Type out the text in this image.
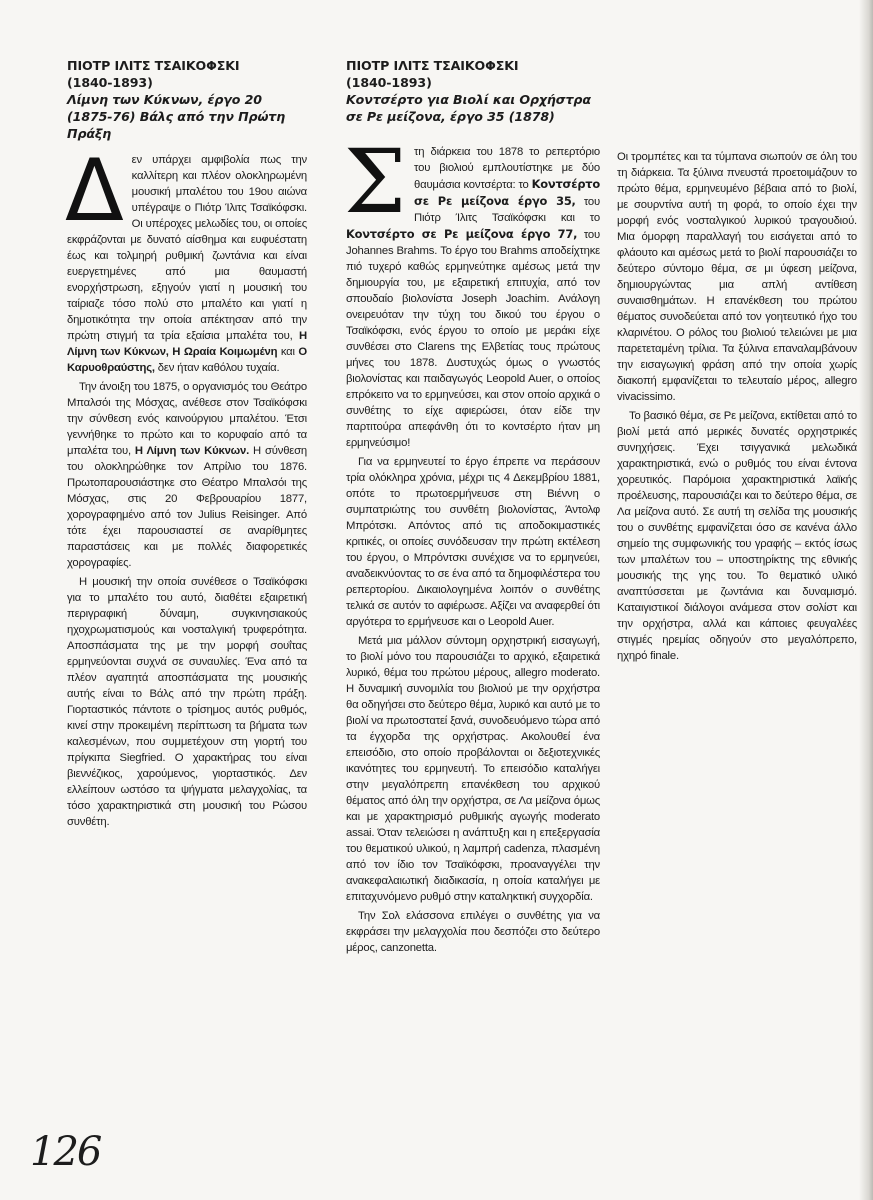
ΠΙΟΤΡ ΙΛΙΤΣ ΤΣΑΙΚΟΦΣΚΙ
(1840-1893)
Λίμνη των Κύκνων, έργο 20 (1875-76) Βάλς από την Πρώτη Πράξη

Δεν υπάρχει αμφιβολία πως την καλλίτερη και πλέον ολοκληρωμένη μουσική μπαλέτου του 19ου αιώνα υπέγραψε ο Πιότρ Ίλιτς Τσαϊκόφσκι. Οι υπέροχες μελωδίες του, οι οποίες εκφράζονται με δυνατό αίσθημα και ευφυέστατη έως και τολμηρή ρυθμική ζωντάνια και είναι ευεργετημένες από μια θαυμαστή ενορχήστρωση, εξηγούν γιατί η μουσική του ταίριαζε τόσο πολύ στο μπαλέτο και γιατί η δημοτικότητα την οποία απέκτησαν από την πρώτη στιγμή τα τρία εξαίσια μπαλέτα του, Η Λίμνη των Κύκνων, Η Ωραία Κοιμωμένη και Ο Καρυοθραύστης, δεν ήταν καθόλου τυχαία.

Την άνοιξη του 1875, ο οργανισμός του Θεάτρο Μπαλσόι της Μόσχας, ανέθεσε στον Τσαϊκόφσκι την σύνθεση ενός καινούργιου μπαλέτου. Έτσι γεννήθηκε το πρώτο και το κορυφαίο από τα μπαλέτα του, Η Λίμνη των Κύκνων. Η σύνθεση του ολοκληρώθηκε τον Απρίλιο του 1876. Πρωτοπαρουσιάστηκε στο Θέατρο Μπαλσόι της Μόσχας, στις 20 Φεβρουαρίου 1877, χορογραφημένο από τον Julius Reisinger. Από τότε έχει παρουσιαστεί σε αναρίθμητες παραστάσεις και με πολλές διαφορετικές χορογραφίες.

Η μουσική την οποία συνέθεσε ο Τσαϊκόφσκι για το μπαλέτο του αυτό, διαθέτει εξαιρετική περιγραφική δύναμη, συγκινησιακούς ηχοχρωματισμούς και νοσταλγική τρυφερότητα. Αποσπάσματα της με την μορφή σουΐτας ερμηνεύονται συχνά σε συναυλίες. Ένα από τα πλέον αγαπητά αποσπάσματα της μουσικής αυτής είναι το Βάλς από την πρώτη πράξη. Γιορταστικός πάντοτε ο τρίσημος αυτός ρυθμός, κινεί στην προκειμένη περίπτωση τα βήματα των καλεσμένων, που συμμετέχουν στη γιορτή του πρίγκιπα Siegfried. Ο χαρακτήρας του είναι βιεννέζικος, χαρούμενος, γιορταστικός. Δεν ελλείπουν ωστόσο τα ψήγματα μελαγχολίας, τα τόσο χαρακτηριστικά στη μουσική του Ρώσου συνθέτη.

ΠΙΟΤΡ ΙΛΙΤΣ ΤΣΑΙΚΟΦΣΚΙ
(1840-1893)
Κοντσέρτο για Βιολί και Ορχήστρα σε Ρε μείζονα, έργο 35 (1878)

Στη διάρκεια του 1878 το ρεπερτόριο του βιολιού εμπλουτίστηκε με δύο θαυμάσια κοντσέρτα: το Κοντσέρτο σε Ρε μείζονα έργο 35, του Πιότρ Ίλιτς Τσαϊκόφσκι και το Κοντσέρτο σε Ρε μείζονα έργο 77, του Johannes Brahms. Το έργο του Brahms αποδείχτηκε πιό τυχερό καθώς ερμηνεύτηκε αμέσως μετά την δημιουργία του, με εξαιρετική επιτυχία, από τον σπουδαίο βιολονίστα Joseph Joachim. Ανάλογη ονειρευόταν την τύχη του δικού του έργου ο Τσαϊκόφσκι, ενός έργου το οποίο με μεράκι είχε συνθέσει στο Clarens της Ελβετίας τους πρώτους μήνες του 1878. Δυστυχώς όμως ο γνωστός βιολονίστας και παιδαγωγός Leopold Auer, ο οποίος επρόκειτο να το ερμηνεύσει, και στον οποίο αρχικά ο συνθέτης το είχε αφιερώσει, όταν είδε την παρτιτούρα απεφάνθη ότι το κοντσέρτο ήταν μη ερμηνεύσιμο!

Για να ερμηνευτεί το έργο έπρεπε να περάσουν τρία ολόκληρα χρόνια, μέχρι τις 4 Δεκεμβρίου 1881, οπότε το πρωτοερμήνευσε στη Βιέννη ο συμπατριώτης του συνθέτη βιολονίστας, Άντολφ Μπρότσκι. Απόντος από τις αποδοκιμαστικές κριτικές, οι οποίες συνόδευσαν την πρώτη εκτέλεση του έργου, ο Μπρόντσκι συνέχισε να το ερμηνεύει, αναδεικνύοντας το σε ένα από τα δημοφιλέστερα του ρεπερτορίου. Δικαιολογημένα λοιπόν ο συνθέτης τελικά σε αυτόν το αφιέρωσε. Αξίζει να αναφερθεί ότι αργότερα το ερμήνευσε και ο Leopold Auer.

Μετά μια μάλλον σύντομη ορχηστρική εισαγωγή, το βιολί μόνο του παρουσιάζει το αρχικό, εξαιρετικά λυρικό, θέμα του πρώτου μέρους, allegro moderato. Η δυναμική συνομιλία του βιολιού με την ορχήστρα θα οδηγήσει στο δεύτερο θέμα, λυρικό και αυτό με το βιολί να πρωτοστατεί ξανά, συνοδευόμενο τώρα από τα έγχορδα της ορχήστρας. Ακολουθεί ένα επεισόδιο, στο οποίο προβάλονται οι δεξιοτεχνικές ικανότητες του ερμηνευτή. Το επεισόδιο καταλήγει στην μεγαλόπρεπη επανέκθεση του αρχικού θέματος από όλη την ορχήστρα, σε Λα μείζονα όμως και με χαρακτηρισμό ρυθμικής αγωγής moderato assai. Όταν τελειώσει η ανάπτυξη και η επεξεργασία του θεματικού υλικού, η λαμπρή cadenza, πλασμένη από τον ίδιο τον Τσαϊκόφσκι, προαναγγέλει την ανακεφαλαιωτική διαδικασία, η οποία καταλήγει με επιταχυνόμενο ρυθμό στην καταληκτική συγχορδία.

Την Σολ ελάσσονα επιλέγει ο συνθέτης για να εκφράσει την μελαγχολία που δεσπόζει στο δεύτερο μέρος, canzonetta.

Οι τρομπέτες και τα τύμπανα σιωπούν σε όλη του τη διάρκεια. Τα ξύλινα πνευστά προετοιμάζουν το πρώτο θέμα, ερμηνευμένο βέβαια από το βιολί, με σουρντίνα αυτή τη φορά, το οποίο έχει την μορφή ενός νοσταλγικού λυρικού τραγουδιού. Μια όμορφη παραλλαγή του εισάγεται από το φλάουτο και αμέσως μετά το βιολί παρουσιάζει το δεύτερο σύντομο θέμα, σε μι ύφεση μείζονα, δημιουργώντας μια απλή αντίθεση συναισθημάτων. Η επανέκθεση του πρώτου θέματος συνοδεύεται από τον γοητευτικό ήχο του κλαρινέτου. Ο ρόλος του βιολιού τελειώνει με μια παρετεταμένη τρίλια. Τα ξύλινα επαναλαμβάνουν την εισαγωγική φράση από την οποία χωρίς διακοπή εμφανίζεται το τελευταίο μέρος, allegro vivacissimo.

Το βασικό θέμα, σε Ρε μείζονα, εκτίθεται από το βιολί μετά από μερικές δυνατές ορχηστρικές συνηχήσεις. Έχει τσιγγανικά μελωδικά χαρακτηριστικά, ενώ ο ρυθμός του είναι έντονα χορευτικός. Παρόμοια χαρακτηριστικά λαϊκής προέλευσης, παρουσιάζει και το δεύτερο θέμα, σε Λα μείζονα αυτό. Σε αυτή τη σελίδα της μουσικής του ο συνθέτης εμφανίζεται όσο σε κανένα άλλο σημείο της συμφωνικής του γραφής – εκτός ίσως των μπαλέτων του – υποστηρίκτης της εθνικής μουσικής της γης του. Το θεματικό υλικό αναπτύσσεται με ζωντάνια και δυναμισμό. Καταιγιστικοί διάλογοι ανάμεσα στον σολίστ και την ορχήστρα, αλλά και κάποιες φευγαλέες στιγμές ηρεμίας οδηγούν στο μεγαλόπρεπο, ηχηρό finale.

126
